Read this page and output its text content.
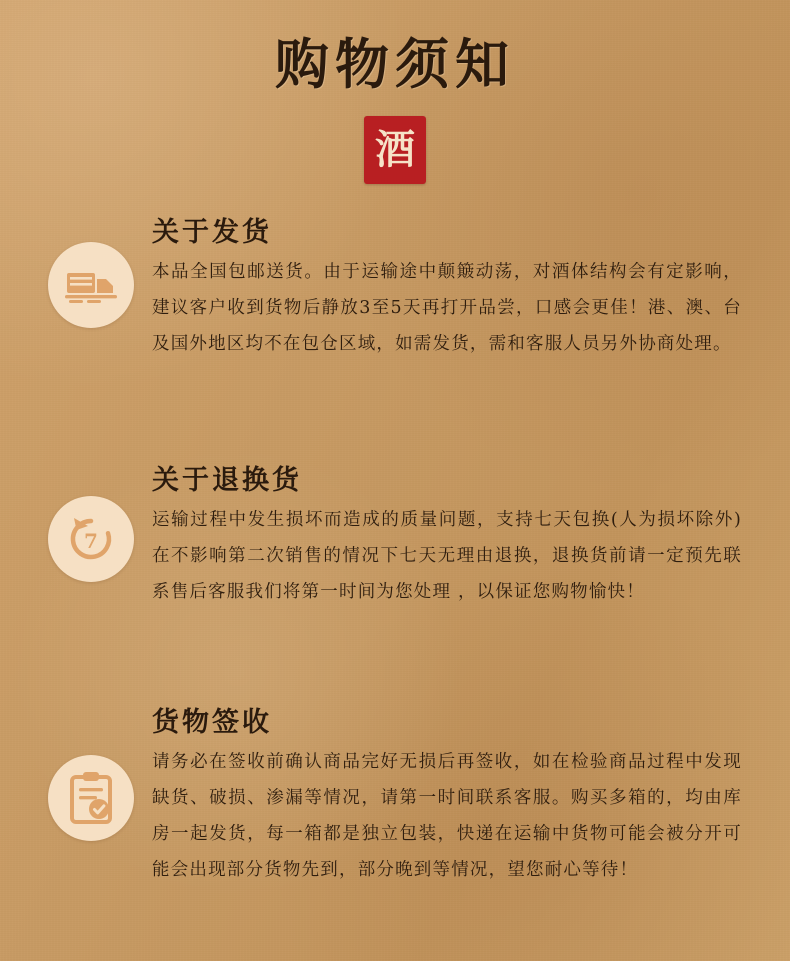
购物须知
酒
关于发货
本品全国包邮送货。由于运输途中颠簸动荡，对酒体结构会有定影响，建议客户收到货物后静放3至5天再打开品尝，口感会更佳！港、澳、台及国外地区均不在包仓区域，如需发货，需和客服人员另外协商处理。
7
关于退换货
运输过程中发生损坏而造成的质量问题，支持七天包换(人为损坏除外)在不影响第二次销售的情况下七天无理由退换，退换货前请一定预先联系售后客服我们将第一时间为您处理 ，以保证您购物愉快！
货物签收
请务必在签收前确认商品完好无损后再签收，如在检验商品过程中发现缺货、破损、渗漏等情况，请第一时间联系客服。购买多箱的，均由库房一起发货，每一箱都是独立包装，快递在运输中货物可能会被分开可能会出现部分货物先到，部分晚到等情况，望您耐心等待！
